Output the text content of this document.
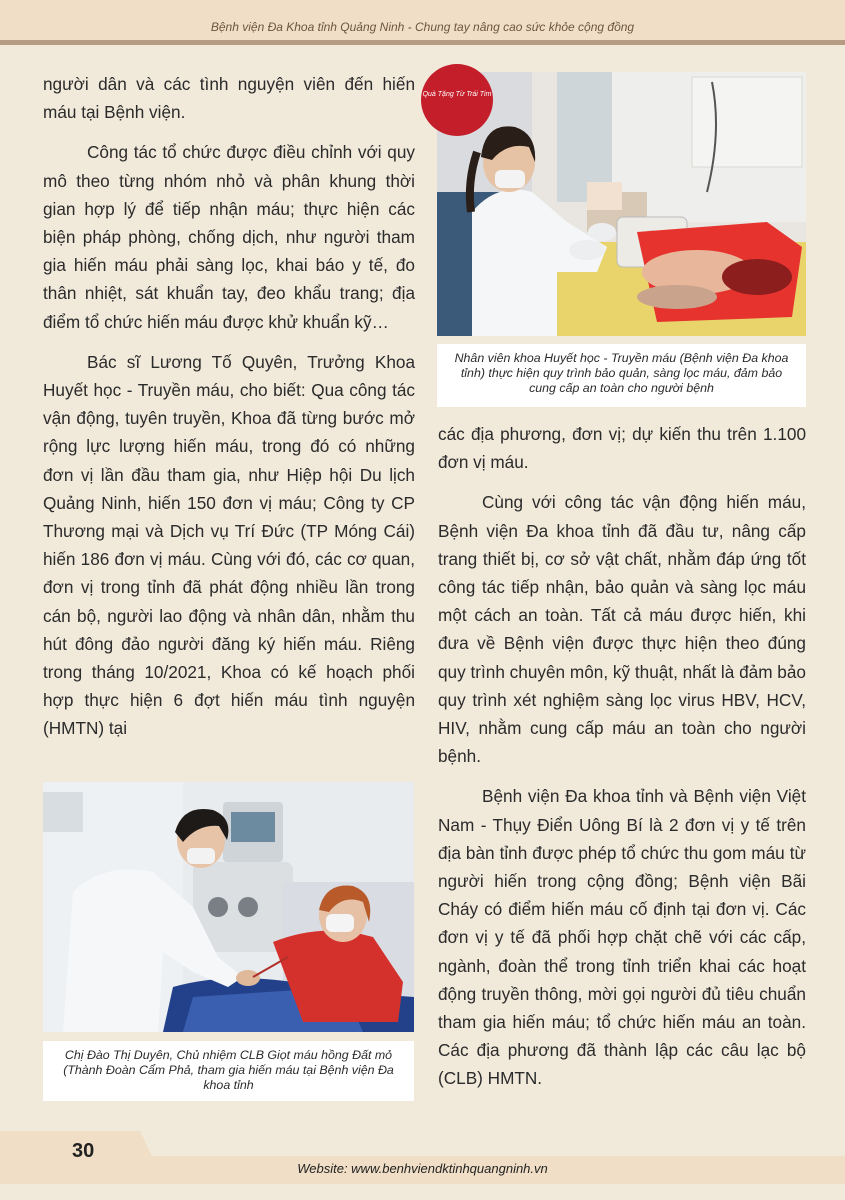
Bệnh viện Đa Khoa tỉnh Quảng Ninh - Chung tay nâng cao sức khỏe cộng đồng

người dân và các tình nguyện viên đến hiến máu tại Bệnh viện.

Công tác tổ chức được điều chỉnh với quy mô theo từng nhóm nhỏ và phân khung thời gian hợp lý để tiếp nhận máu; thực hiện các biện pháp phòng, chống dịch, như người tham gia hiến máu phải sàng lọc, khai báo y tế, đo thân nhiệt, sát khuẩn tay, đeo khẩu trang; địa điểm tổ chức hiến máu được khử khuẩn kỹ…

Bác sĩ Lương Tố Quyên, Trưởng Khoa Huyết học - Truyền máu, cho biết: Qua công tác vận động, tuyên truyền, Khoa đã từng bước mở rộng lực lượng hiến máu, trong đó có những đơn vị lần đầu tham gia, như Hiệp hội Du lịch Quảng Ninh, hiến 150 đơn vị máu; Công ty CP Thương mại và Dịch vụ Trí Đức (TP Móng Cái) hiến 186 đơn vị máu. Cùng với đó, các cơ quan, đơn vị trong tỉnh đã phát động nhiều lần trong cán bộ, người lao động và nhân dân, nhằm thu hút đông đảo người đăng ký hiến máu. Riêng trong tháng 10/2021, Khoa có kế hoạch phối hợp thực hiện 6 đợt hiến máu tình nguyện (HMTN) tại

Quà Tặng Từ Trái Tim
Nhân viên khoa Huyết học - Truyền máu (Bệnh viện Đa khoa tỉnh) thực hiện quy trình bảo quản, sàng lọc máu, đảm bảo cung cấp an toàn cho người bệnh

các địa phương, đơn vị; dự kiến thu trên 1.100 đơn vị máu.

Cùng với công tác vận động hiến máu, Bệnh viện Đa khoa tỉnh đã đầu tư, nâng cấp trang thiết bị, cơ sở vật chất, nhằm đáp ứng tốt công tác tiếp nhận, bảo quản và sàng lọc máu một cách an toàn. Tất cả máu được hiến, khi đưa về Bệnh viện được thực hiện theo đúng quy trình chuyên môn, kỹ thuật, nhất là đảm bảo quy trình xét nghiệm sàng lọc virus HBV, HCV, HIV, nhằm cung cấp máu an toàn cho người bệnh.

Bệnh viện Đa khoa tỉnh và Bệnh viện Việt Nam - Thụy Điển Uông Bí là 2 đơn vị y tế trên địa bàn tỉnh được phép tổ chức thu gom máu từ người hiến trong cộng đồng; Bệnh viện Bãi Cháy có điểm hiến máu cố định tại đơn vị. Các đơn vị y tế đã phối hợp chặt chẽ với các cấp, ngành, đoàn thể trong tỉnh triển khai các hoạt động truyền thông, mời gọi người đủ tiêu chuẩn tham gia hiến máu; tổ chức hiến máu an toàn. Các địa phương đã thành lập các câu lạc bộ (CLB) HMTN.

Chị Đào Thị Duyên, Chủ nhiệm CLB Giọt máu hồng Đất mỏ (Thành Đoàn Cẩm Phả, tham gia hiến máu tại Bệnh viện Đa khoa tỉnh
30
Website: www.benhviendktinhquangninh.vn
